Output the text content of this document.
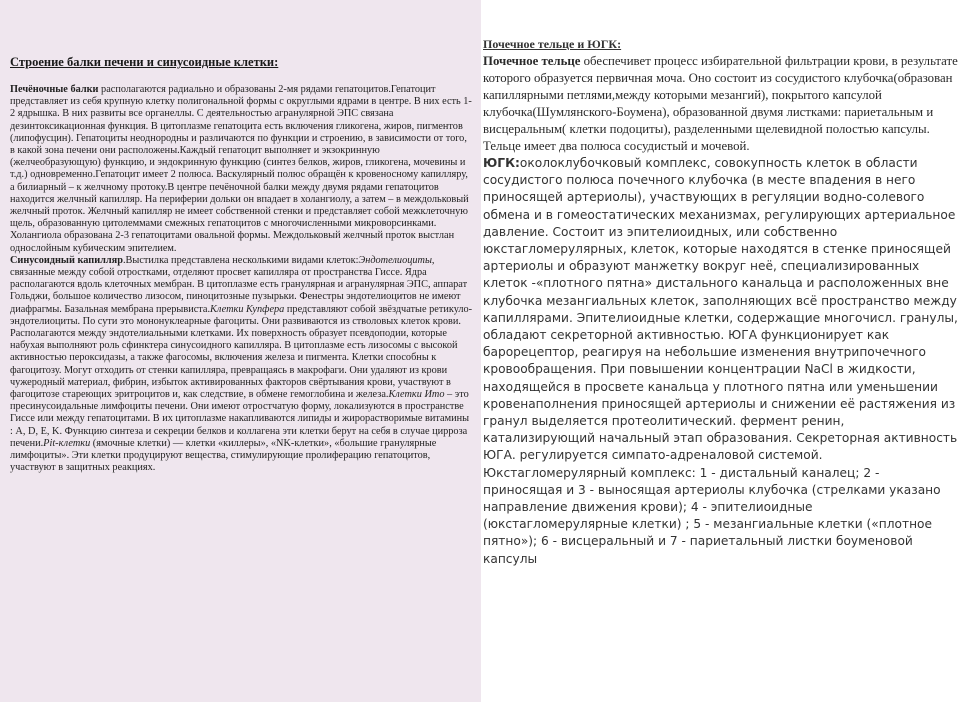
Строение балки печени и синусоидные клетки:

Печёночные балки располагаются радиально и образованы 2-мя рядами гепатоцитов.Гепатоцит представляет из себя крупную клетку полигональной формы с округлыми ядрами в центре. В них есть 1-2 ядрышка. В них развиты все органеллы. С деятельностью агранулярной ЭПС связана дезинтоксикационная функция. В цитоплазме гепатоцита есть включения гликогена, жиров, пигментов (липофусцин). Гепатоциты неоднородны и различаются по функции и строению, в зависимости от того, в какой зона печени они расположены.Каждый гепатоцит выполняет и экзокринную (желчеобразующую) функцию, и эндокринную функцию (синтез белков, жиров, гликогена, мочевины и т.д.) одновременно.Гепатоцит имеет 2 полюса. Васкулярный полюс обращён к кровеносному капилляру, а билиарный – к желчному протоку.В центре печёночной балки между двумя рядами гепатоцитов находится желчный капилляр. На периферии дольки он впадает в холангиолу, а затем – в междольковый желчный проток. Желчный капилляр не имеет собственной стенки и представляет собой межклеточную щель, образованную цитолеммами смежных гепатоцитов с многочисленными микроворсинками. Холангиола образована 2-3 гепатоцитами овальной формы. Междольковый желчный проток выстлан однослойным кубическим эпителием.
Синусоидный капилляр.Выстилка представлена несколькими видами клеток:Эндотелиоциты, связанные между собой отростками, отделяют просвет капилляра от пространства Гиссе. Ядра располагаются вдоль клеточных мембран. В цитоплазме есть гранулярная и агранулярная ЭПС, аппарат Гольджи, большое количество лизосом, пиноцитозные пузырьки. Фенестры эндотелиоцитов не имеют диафрагмы. Базальная мембрана прерывиста.Клетки Купфера представляют собой звёздчатые ретикуло-эндотелиоциты. По сути это мононуклеарные фагоциты. Они развиваются из стволовых клеток крови. Располагаются между эндотелиальными клетками. Их поверхность образует псевдоподии, которые набухая выполняют роль сфинктера синусоидного капилляра. В цитоплазме есть лизосомы с высокой активностью пероксидазы, а также фагосомы, включения железа и пигмента. Клетки способны к фагоцитозу. Могут отходить от стенки капилляра, превращаясь в макрофаги. Они удаляют из крови чужеродный материал, фибрин, избыток активированных факторов свёртывания крови, участвуют в фагоцитозе стареющих эритроцитов и, как следствие, в обмене гемоглобина и железа.Клетки Ито – это пресинусоидальные лимфоциты печени. Они имеют отростчатую форму, локализуются в пространстве Гиссе или между гепатоцитами. В их цитоплазме накапливаются липиды и жирорастворимые витамины : A, D, E, K. Функцию синтеза и секреции белков и коллагена эти клетки берут на себя в случае цирроза печени.Pit-клетки (ямочные клетки) — клетки «киллеры», «NK-клетки», «большие гранулярные лимфоциты». Эти клетки продуцируют вещества, стимулирующие пролиферацию гепатоцитов, участвуют в защитных реакциях.

Почечное тельце и ЮГК:
Почечное тельце обеспечивет процесс избирательной фильтрации крови, в результате которого образуется первичная моча. Оно состоит из сосудистого клубочка(образован капиллярными петлями,между которыми мезангий), покрытого капсулой клубочка(Шумлянского-Боумена), образованной двумя листками: париетальным и висцеральным( клетки подоциты), разделенными щелевидной полостью капсулы. Тельце имеет два полюса сосудистый и мочевой.
ЮГК:околоклубочковый комплекс, совокупность клеток в области сосудистого полюса почечного клубочка (в месте впадения в него приносящей артериолы), участвующих в регуляции водно-солевого обмена и в гомеостатических механизмах, регулирующих артериальное давление. Состоит из эпителиоидных, или собственно юкстагломерулярных, клеток, которые находятся в стенке приносящей артериолы и образуют манжетку вокруг неё, специализированных клеток -«плотного пятна» дистального канальца и расположенных вне клубочка мезангиальных клеток, заполняющих всё пространство между капиллярами. Эпителиоидные клетки, содержащие многочисл. гранулы, обладают секреторной активностью. ЮГА функционирует как барорецептор, реагируя на небольшие изменения внутрипочечного кровообращения. При повышении концентрации NaCl в жидкости, находящейся в просвете канальца у плотного пятна или уменьшении кровенаполнения приносящей артериолы и снижении её растяжения из гранул выделяется протеолитический. фермент ренин, катализирующий начальный этап образования. Секреторная активность ЮГА. регулируется симпато-адреналовой системой. Юкстагломерулярный комплекс: 1 - дистальный каналец; 2 - приносящая и 3 - выносящая артериолы клубочка (стрелками указано направление движения крови); 4 - эпителиоидные (юкстагломерулярные клетки) ; 5 - мезангиальные клетки («плотное пятно»); 6 - висцеральный и 7 - париетальный листки боуменовой капсулы
